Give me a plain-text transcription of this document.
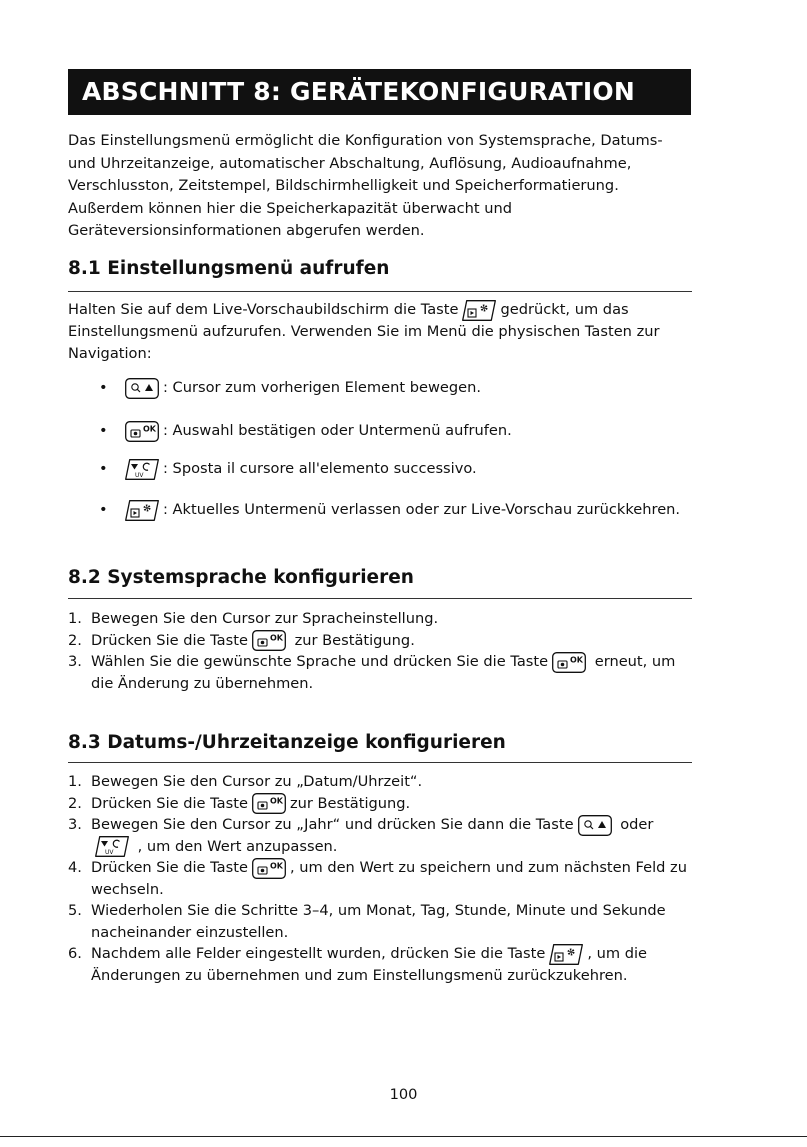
ABSCHNITT 8: GERÄTEKONFIGURATION

Das Einstellungsmenü ermöglicht die Konfiguration von Systemsprache, Datums- und Uhrzeitanzeige, automatischer Abschaltung, Auflösung, Audioaufnahme, Verschlusston, Zeitstempel, Bildschirmhelligkeit und Speicherformatierung. Außerdem können hier die Speicherkapazität überwacht und Geräteversionsinformationen abgerufen werden.

8.1 Einstellungsmenü aufrufen

Halten Sie auf dem Live-Vorschaubildschirm die Taste	gedrückt, um das Einstellungsmenü aufzurufen. Verwenden Sie im Menü die physischen Tasten zur Navigation:

•	: Cursor zum vorherigen Element bewegen.
•	: Auswahl bestätigen oder Untermenü aufrufen.
•	: Sposta il cursore all'elemento successivo.
•	: Aktuelles Untermenü verlassen oder zur Live-Vorschau zurückkehren.
8.2 Systemsprache konfigurieren
1. Bewegen Sie den Cursor zur Spracheinstellung.
2. Drücken Sie die Taste	zur Bestätigung.
3. Wählen Sie die gewünschte Sprache und drücken Sie die Taste	erneut, um die Änderung zu übernehmen.
8.3 Datums-/Uhrzeitanzeige konfigurieren
1. Bewegen Sie den Cursor zu „Datum/Uhrzeit“.
2. Drücken Sie die Taste	zur Bestätigung.
3. Bewegen Sie den Cursor zu „Jahr“ und drücken Sie dann die Taste	oder
, um den Wert anzupassen.
4. Drücken Sie die Taste	, um den Wert zu speichern und zum nächsten Feld zu wechseln.
5. Wiederholen Sie die Schritte 3–4, um Monat, Tag, Stunde, Minute und Sekunde nacheinander einzustellen.
6. Nachdem alle Felder eingestellt wurden, drücken Sie die Taste	, um die Änderungen zu übernehmen und zum Einstellungsmenü zurückzukehren.
100
